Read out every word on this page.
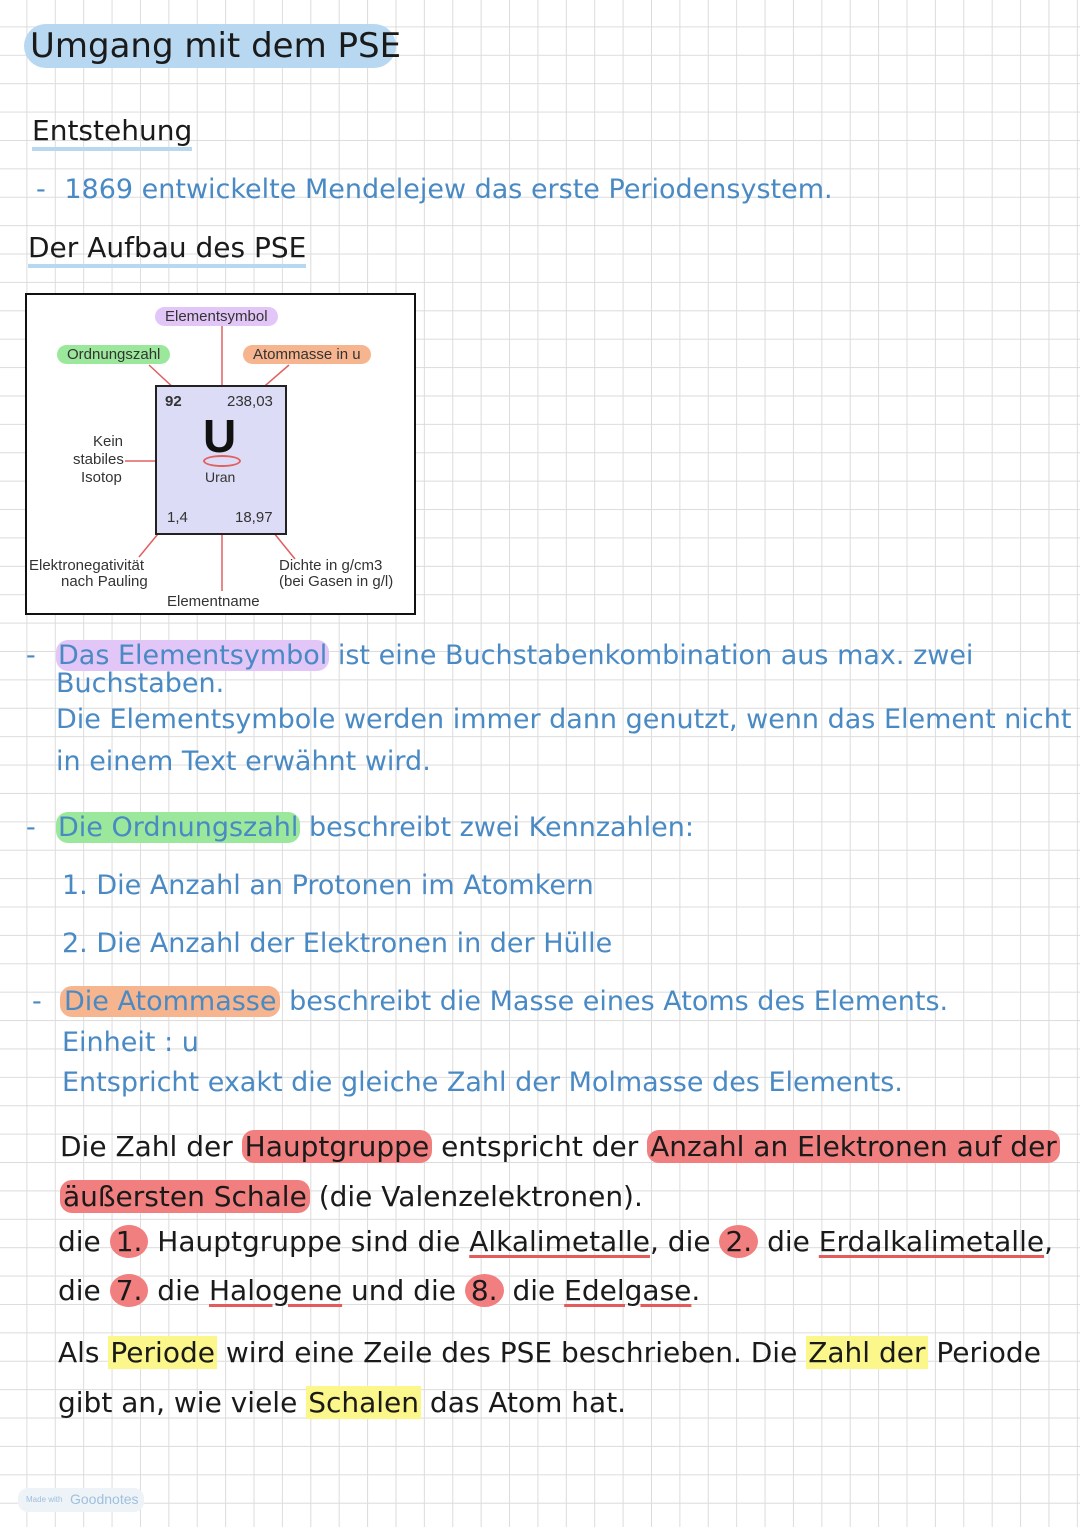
Umgang mit dem PSE
Entstehung
- 1869 entwickelte Mendelejew das erste Periodensystem.
Der Aufbau des PSE
Elementsymbol
Ordnungszahl	Atommasse in u
92	238,03
U
Uran
1,4	18,97
Kein
stabiles
Isotop
Elektronegativität
nach Pauling
Dichte in g/cm3
(bei Gasen in g/l)
Elementname
- Das Elementsymbol ist eine Buchstabenkombination aus max. zwei
Buchstaben.
Die Elementsymbole werden immer dann genutzt, wenn das Element nicht
in einem Text erwähnt wird.
- Die Ordnungszahl beschreibt zwei Kennzahlen:
1. Die Anzahl an Protonen im Atomkern
2. Die Anzahl der Elektronen in der Hülle
- Die Atommasse beschreibt die Masse eines Atoms des Elements.
Einheit : u
Entspricht exakt die gleiche Zahl der Molmasse des Elements.
Die Zahl der Hauptgruppe entspricht der Anzahl an Elektronen auf der
äußersten Schale (die Valenzelektronen).
die 1. Hauptgruppe sind die Alkalimetalle, die 2. die Erdalkalimetalle,
die 7. die Halogene und die 8. die Edelgase.
Als Periode wird eine Zeile des PSE beschrieben. Die Zahl der Periode
gibt an, wie viele Schalen das Atom hat.
Made with Goodnotes
